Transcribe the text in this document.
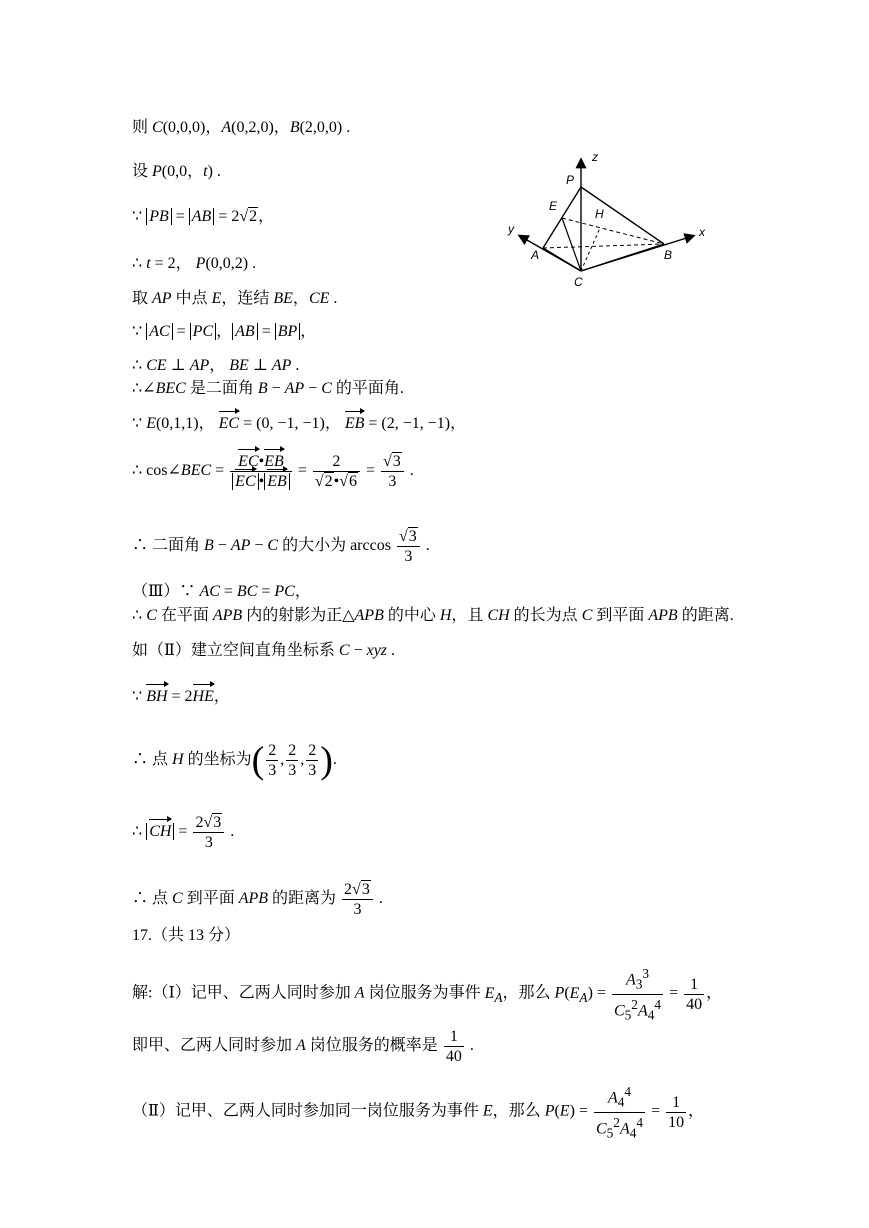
则 C(0,0,0)，A(0,2,0)，B(2,0,0) .
设 P(0,0，t) .
∵ PB = AB = 2√2，
∴ t = 2， P(0,0,2) .
取 AP 中点 E，连结 BE，CE .
∵ AC = PC ， AB = BP ，
∴ CE ⊥ AP， BE ⊥ AP .
∴∠BEC 是二面角 B − AP − C 的平面角.
∵ E(0,1,1)， EC = (0, −1, −1)， EB = (2, −1, −1)，
∴ cos∠BEC = $\frac{EC•EB}{EC • EB} = \frac{2}{√2•√6} = \frac{√3}{3}$ .
∴ 二面角 B − AP − C 的大小为 $\arccos \frac{√3}{3}$ .
（Ⅲ）∵ AC = BC = PC，
∴ C 在平面 APB 内的射影为正△APB 的中心 H，且 CH 的长为点 C 到平面 APB 的距离.
如（Ⅱ）建立空间直角坐标系 C − xyz .
∵ BH = 2HE，
∴ 点 H 的坐标为( $\frac{2}{3}$ , $\frac{2}{3}$ , $\frac{2}{3}$ ).
∴ CH = $\frac{2√3}{3}$ .
∴ 点 C 到平面 APB 的距离为 $\frac{2√3}{3}$ .
17.（共 13 分）
解:（Ⅰ）记甲、乙两人同时参加 A 岗位服务为事件 $E_A$，那么 $P(E_A) = \frac{A_3^3}{C_5^2A_4^4} = \frac{1}{40}$ ，
即甲、乙两人同时参加 A 岗位服务的概率是 $\frac{1}{40}$ .
（Ⅱ）记甲、乙两人同时参加同一岗位服务为事件 E，那么 $P(E) = \frac{A_4^4}{C_5^2A_4^4} = \frac{1}{10}$ ，
z
y	x
P
E
H
A	B
C
